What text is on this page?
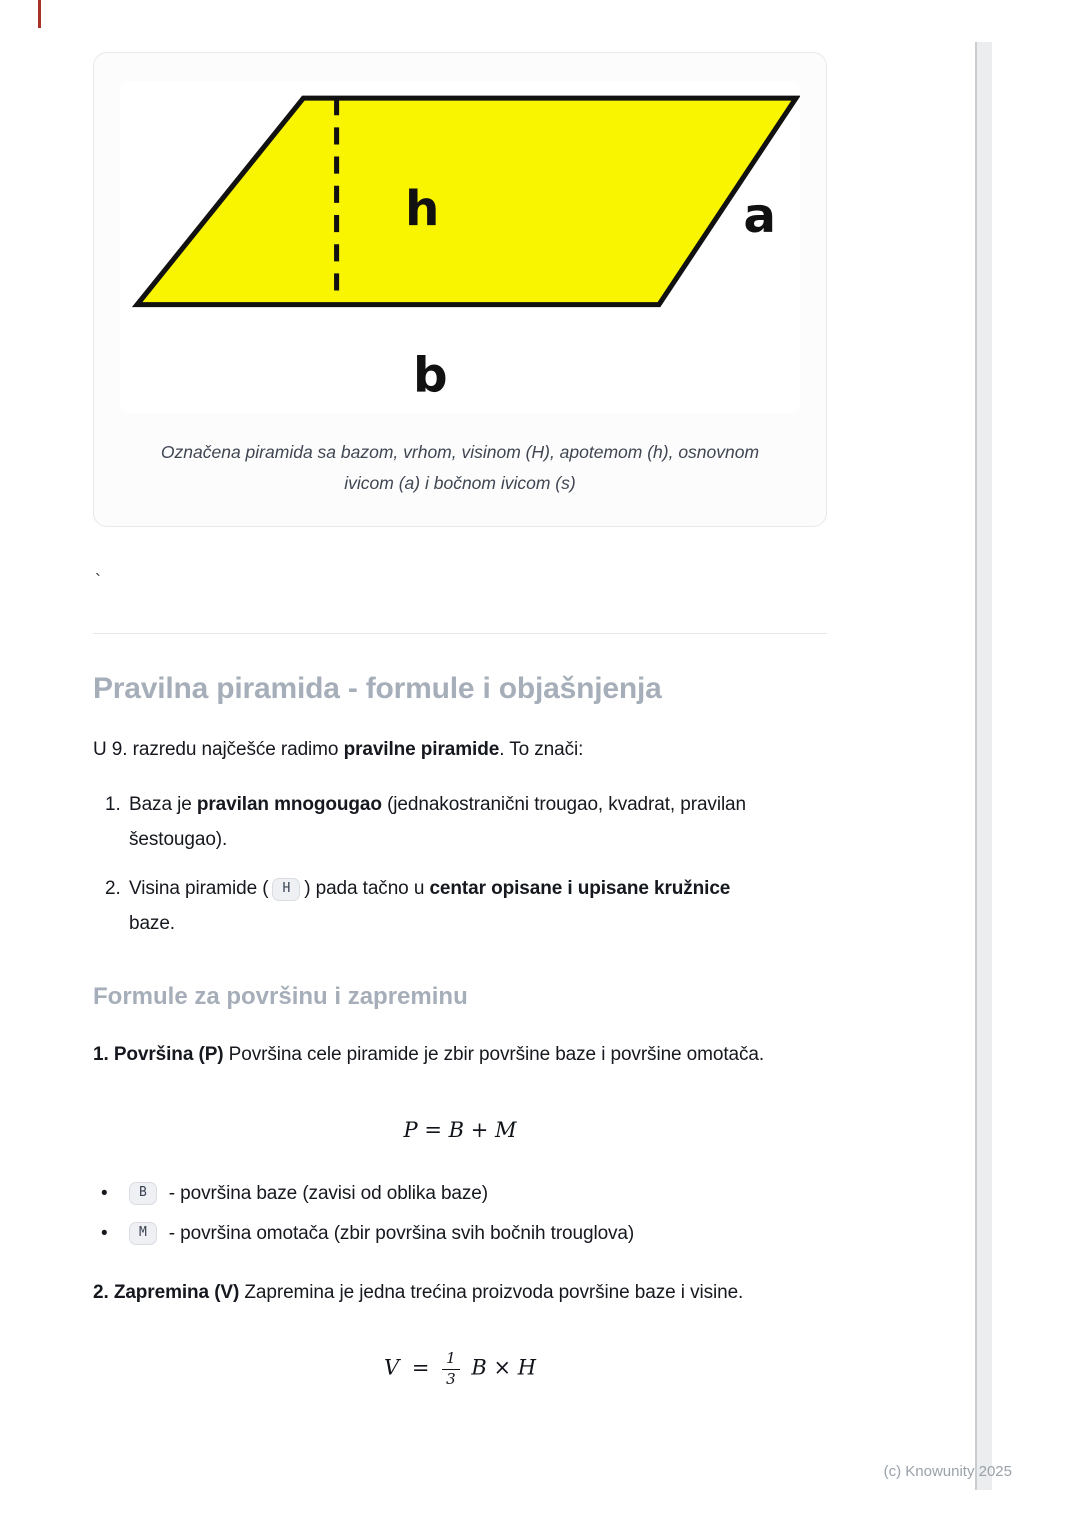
h	a
b
Označena piramida sa bazom, vrhom, visinom (H), apotemom (h), osnovnom ivicom (a) i bočnom ivicom (s)
`
Pravilna piramida - formule i objašnjenja

U 9. razredu najčešće radimo pravilne piramide. To znači:

1. Baza je pravilan mnogougao (jednakostranični trougao, kvadrat, pravilan šestougao).
2. Visina piramide ( H ) pada tačno u centar opisane i upisane kružnice
baze.
Formule za površinu i zapreminu

1. Površina (P) Površina cele piramide je zbir površine baze i površine omotača.

P = B + M
•	B	- površina baze (zavisi od oblika baze)
•	M	- površina omotača (zbir površina svih bočnih trouglova)

2. Zapremina (V) Zapremina je jedna trećina proizvoda površine baze i visine.

$V = \frac{1}{3}$ B × H
(c) Knowunity 2025
